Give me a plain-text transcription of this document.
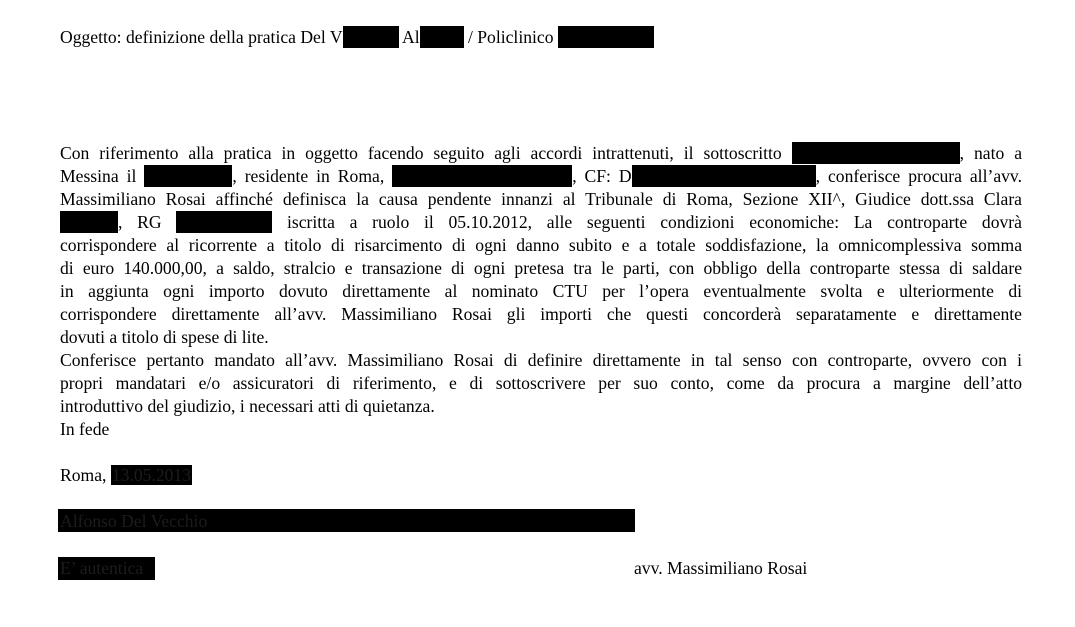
Oggetto: definizione della pratica Del V	Al	/ Policlinico
Con riferimento alla pratica in oggetto facendo seguito agli accordi intrattenuti, il sottoscritto	, nato a
Messina il	, residente in Roma,	, CF: D	, conferisce procura all’avv.
Massimiliano Rosai affinché definisca la causa pendente innanzi al Tribunale di Roma, Sezione XII^, Giudice dott.ssa Clara
, RG	iscritta a ruolo il 05.10.2012, alle seguenti condizioni economiche: La controparte dovrà
corrispondere al ricorrente a titolo di risarcimento di ogni danno subito e a totale soddisfazione, la omnicomplessiva somma
di euro 140.000,00, a saldo, stralcio e transazione di ogni pretesa tra le parti, con obbligo della controparte stessa di saldare
in aggiunta ogni importo dovuto direttamente al nominato CTU per l’opera eventualmente svolta e ulteriormente di
corrispondere direttamente all’avv. Massimiliano Rosai gli importi che questi concorderà separatamente e direttamente
dovuti a titolo di spese di lite.
Conferisce pertanto mandato all’avv. Massimiliano Rosai di definire direttamente in tal senso con controparte, ovvero con i
propri mandatari e/o assicuratori di riferimento, e di sottoscrivere per suo conto, come da procura a margine dell’atto
introduttivo del giudizio, i necessari atti di quietanza.
In fede
Roma, 13.05.2013
Alfonso Del Vecchio
E’ autentica	avv. Massimiliano Rosai
